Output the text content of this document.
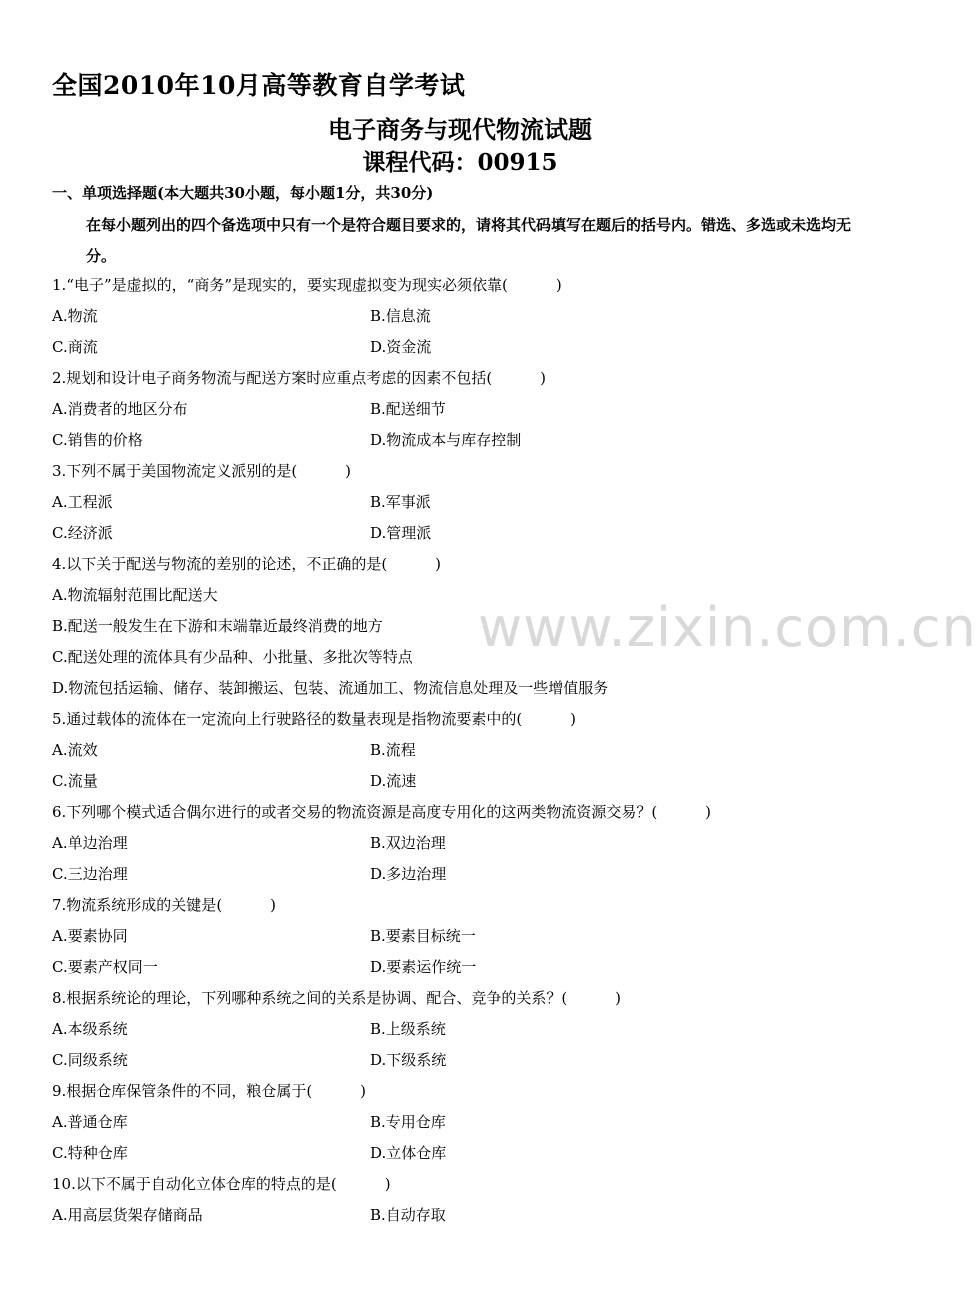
全国2010年10月高等教育自学考试
电子商务与现代物流试题
课程代码：00915
一、单项选择题(本大题共30小题，每小题1分，共30分)
在每小题列出的四个备选项中只有一个是符合题目要求的，请将其代码填写在题后的括号内。错选、多选或未选均无分。
1.“电子”是虚拟的，“商务”是现实的，要实现虚拟变为现实必须依靠(	)
A.物流	B.信息流
C.商流	D.资金流
2.规划和设计电子商务物流与配送方案时应重点考虑的因素不包括(	)
A.消费者的地区分布	B.配送细节
C.销售的价格	D.物流成本与库存控制
3.下列不属于美国物流定义派别的是(	)
A.工程派	B.军事派
C.经济派	D.管理派
4.以下关于配送与物流的差别的论述，不正确的是(	)
A.物流辐射范围比配送大
B.配送一般发生在下游和末端靠近最终消费的地方
C.配送处理的流体具有少品种、小批量、多批次等特点
D.物流包括运输、储存、装卸搬运、包装、流通加工、物流信息处理及一些增值服务
5.通过载体的流体在一定流向上行驶路径的数量表现是指物流要素中的(	)
A.流效	B.流程
C.流量	D.流速
6.下列哪个模式适合偶尔进行的或者交易的物流资源是高度专用化的这两类物流资源交易？(	)
A.单边治理	B.双边治理
C.三边治理	D.多边治理
7.物流系统形成的关键是(	)
A.要素协同	B.要素目标统一
C.要素产权同一	D.要素运作统一
8.根据系统论的理论，下列哪种系统之间的关系是协调、配合、竞争的关系？(	)
A.本级系统	B.上级系统
C.同级系统	D.下级系统
9.根据仓库保管条件的不同，粮仓属于(	)
A.普通仓库	B.专用仓库
C.特种仓库	D.立体仓库
10.以下不属于自动化立体仓库的特点的是(	)
A.用高层货架存储商品	B.自动存取
www.zixin.com.cn
